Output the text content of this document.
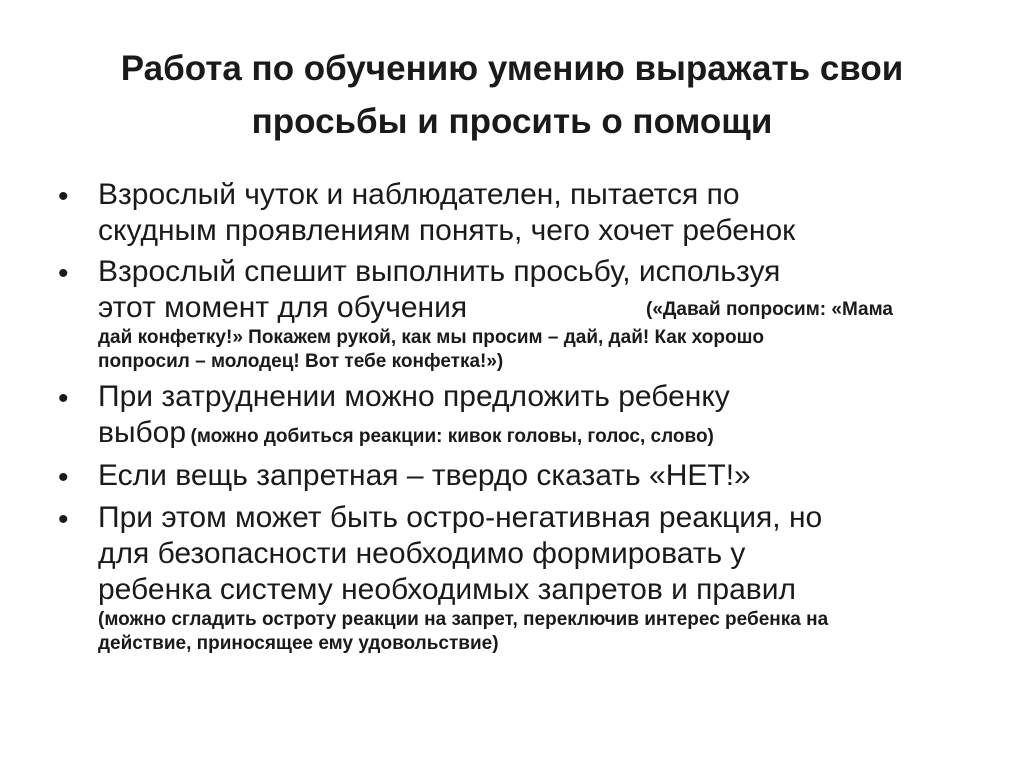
Работа по обучению умению выражать свои
просьбы и просить о помощи
• Взрослый чуток и наблюдателен, пытается по
скудным проявлениям понять, чего хочет ребенок
• Взрослый спешит выполнить просьбу, используя
этот момент для обучения	(«Давай попросим: «Мама
дай конфетку!» Покажем рукой, как мы просим – дай, дай! Как хорошо
попросил – молодец! Вот тебе конфетка!»)
• При затруднении можно предложить ребенку
выбор (можно добиться реакции: кивок головы, голос, слово)
• Если вещь запретная – твердо сказать «НЕТ!»
• При этом может быть остро-негативная реакция, но
для безопасности необходимо формировать у
ребенка систему необходимых запретов и правил
(можно сгладить остроту реакции на запрет, переключив интерес ребенка на
действие, приносящее ему удовольствие)
